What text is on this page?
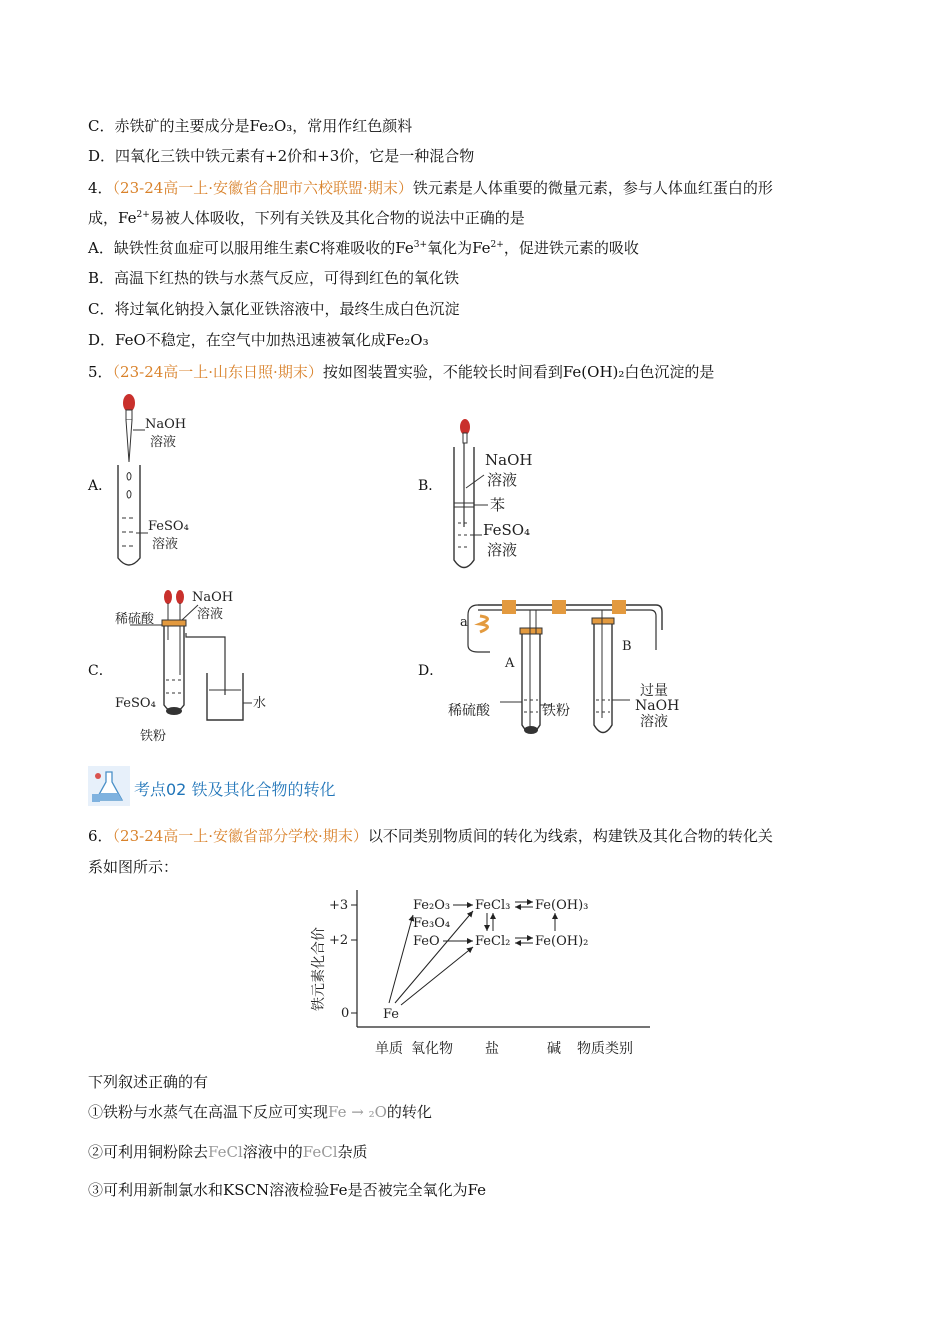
C．赤铁矿的主要成分是Fe₂O₃，常用作红色颜料
D．四氧化三铁中铁元素有+2价和+3价，它是一种混合物
4．（23-24高一上·安徽省合肥市六校联盟·期末）铁元素是人体重要的微量元素，参与人体血红蛋白的形
成，$Fe^{2+}$易被人体吸收，下列有关铁及其化合物的说法中正确的是
A．缺铁性贫血症可以服用维生素C将难吸收的$Fe^{3+}$氧化为$Fe^{2+}$，促进铁元素的吸收
B．高温下红热的铁与水蒸气反应，可得到红色的氧化铁
C．将过氧化钠投入氯化亚铁溶液中，最终生成白色沉淀
D．FeO不稳定，在空气中加热迅速被氧化成Fe₂O₃
5．（23-24高一上·山东日照·期末）按如图装置实验，不能较长时间看到Fe(OH)₂白色沉淀的是
A．	B．
C．	D．
NaOH
溶液
FeSO₄
溶液
NaOH
溶液
苯
FeSO₄
溶液
稀硫酸
NaOH
溶液
FeSO₄
铁粉
水
a
A
B
稀硫酸	铁粉
过量
NaOH
溶液
考点02 铁及其化合物的转化
6．（23-24高一上·安徽省部分学校·期末）以不同类别物质间的转化为线索，构建铁及其化合物的转化关
系如图所示：
+3
+2
0
铁元素化合价
单质 氧化物 盐	碱 物质类别
Fe₂O₃
Fe₃O₄
FeO
FeCl₃
FeCl₂
Fe(OH)₃
Fe(OH)₂
Fe
下列叙述正确的有
①铁粉与水蒸气在高温下反应可实现Fe → ₂O的转化
②可利用铜粉除去FeCl溶液中的FeCl杂质
③可利用新制氯水和KSCN溶液检验Fe是否被完全氧化为Fe
